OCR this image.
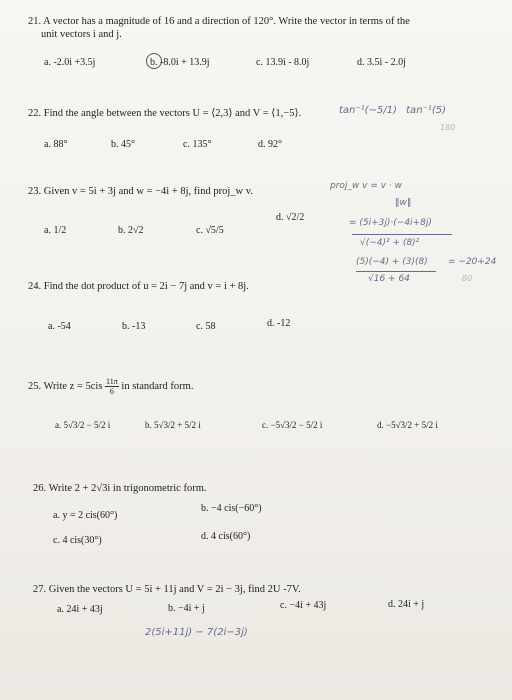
21. A vector has a magnitude of 16 and a direction of 120°. Write the vector in terms of the
unit vectors i and j.
a. -2.0i +3.5j	b. -8.0i + 13.9j	c. 13.9i - 8.0j	d. 3.5i - 2.0j
22. Find the angle between the vectors U = ⟨2,3⟩ and V = ⟨1,−5⟩.	tan⁻¹(−5/1) tan⁻¹(5)
180
a. 88°	b. 45°	c. 135°	d. 92°
23. Given v = 5i + 3j and w = −4i + 8j, find proj_w v.	proj_w v = v · w
‖w‖
= (5i+3j)·(−4i+8j)
√(−4)² + (8)²
(5)(−4) + (3)(8)
√16 + 64
= −20+24
80
a. 1/2	b. 2√2	c. √5/5
d. √2/2
24. Find the dot product of u = 2i − 7j and v = i + 8j.
a. -54	b. -13	c. 58	d. -12
25. Write $z = 5cis \frac{11\pi}{6}$ in standard form.
a. 5√3/2 − 5/2 i	b. 5√3/2 + 5/2 i	c. −5√3/2 − 5/2 i	d. −5√3/2 + 5/2 i
26. Write 2 + 2√3i in trigonometric form.
a. y = 2 cis(60°)
b. −4 cis(−60°)
c. 4 cis(30°)	d. 4 cis(60°)
27. Given the vectors U = 5i + 11j and V = 2i − 3j, find 2U -7V.
a. 24i + 43j	b. −4i + j	c. −4i + 43j	d. 24i + j
2(5i+11j) − 7(2i−3j)
